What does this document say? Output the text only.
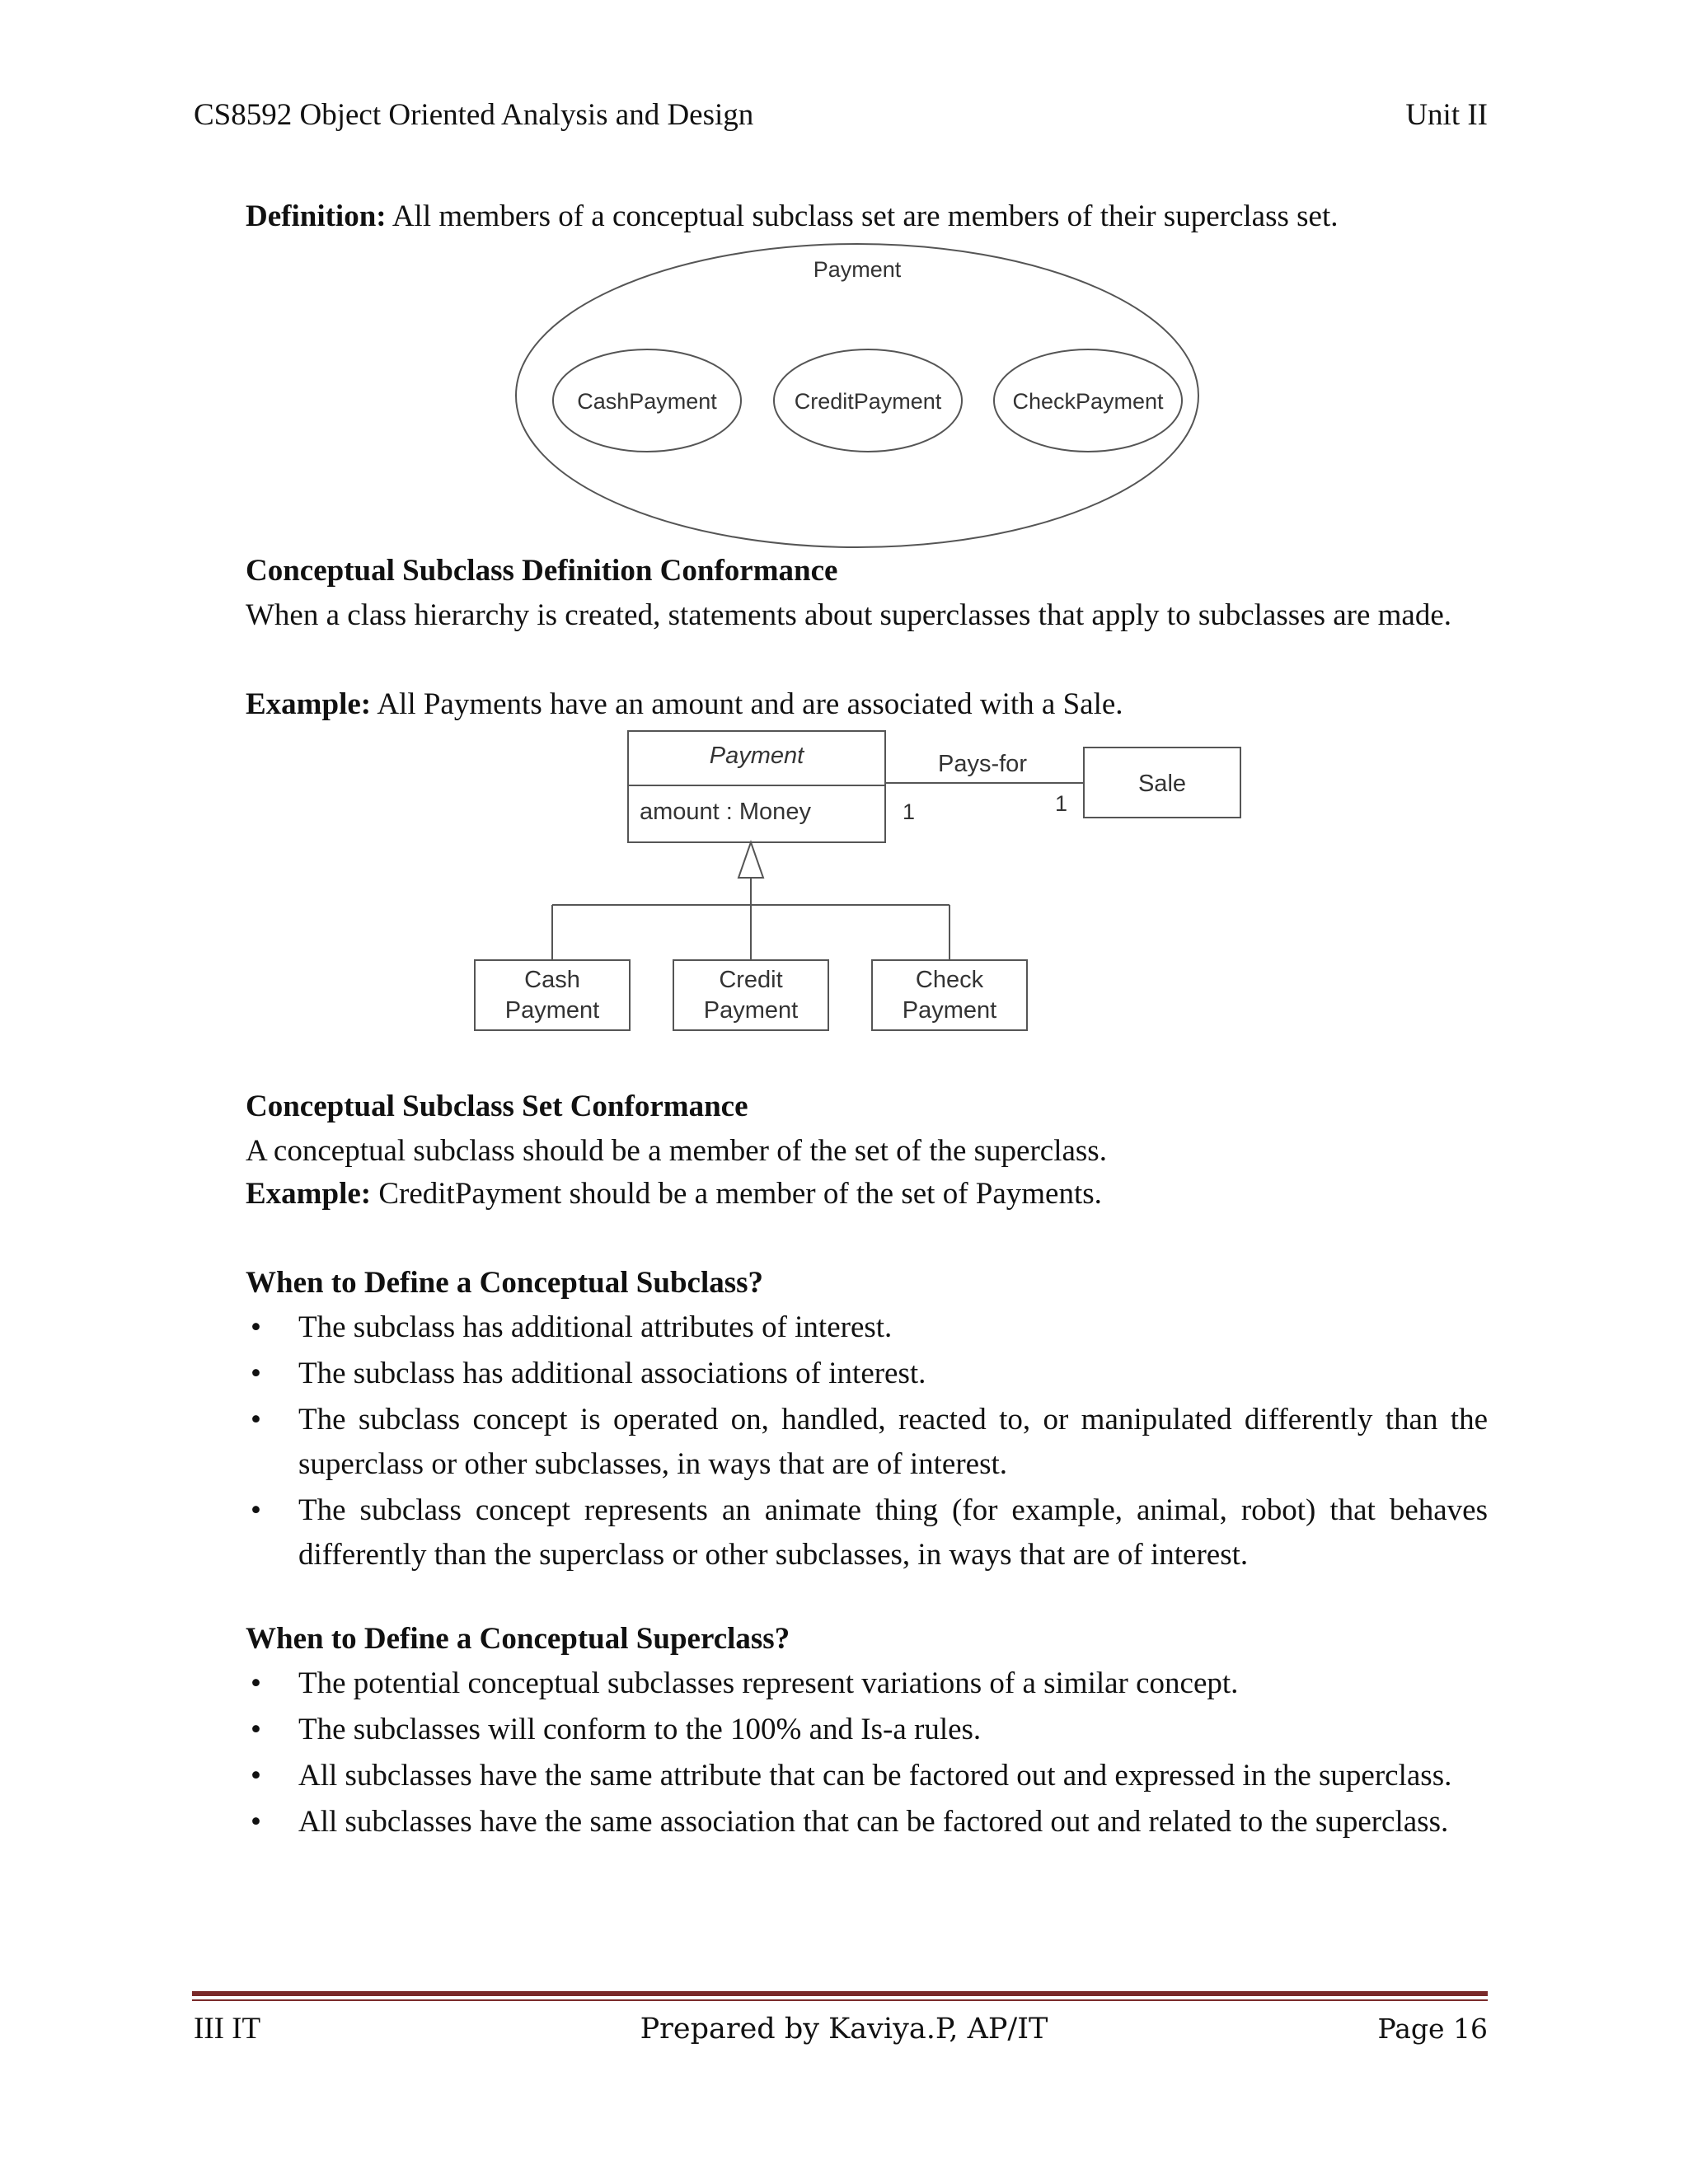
CS8592 Object Oriented Analysis and Design	Unit II
Definition: All members of a conceptual subclass set are members of their superclass set.
Payment
CashPayment	CreditPayment	CheckPayment
Conceptual Subclass Definition Conformance
When a class hierarchy is created, statements about superclasses that apply to subclasses are made.
Example: All Payments have an amount and are associated with a Sale.
Payment
amount : Money
Pays-for
1	1
Sale
Cash
Payment
Credit
Payment
Check
Payment
Conceptual Subclass Set Conformance
A conceptual subclass should be a member of the set of the superclass.
Example: CreditPayment should be a member of the set of Payments.
When to Define a Conceptual Subclass?
• The subclass has additional attributes of interest.
• The subclass has additional associations of interest.
• The subclass concept is operated on, handled, reacted to, or manipulated differently than the superclass or other subclasses, in ways that are of interest.
• The subclass concept represents an animate thing (for example, animal, robot) that behaves differently than the superclass or other subclasses, in ways that are of interest.
When to Define a Conceptual Superclass?
• The potential conceptual subclasses represent variations of a similar concept.
• The subclasses will conform to the 100% and Is-a rules.
• All subclasses have the same attribute that can be factored out and expressed in the superclass.
• All subclasses have the same association that can be factored out and related to the superclass.
III IT	Prepared by Kaviya.P, AP/IT	Page 16
